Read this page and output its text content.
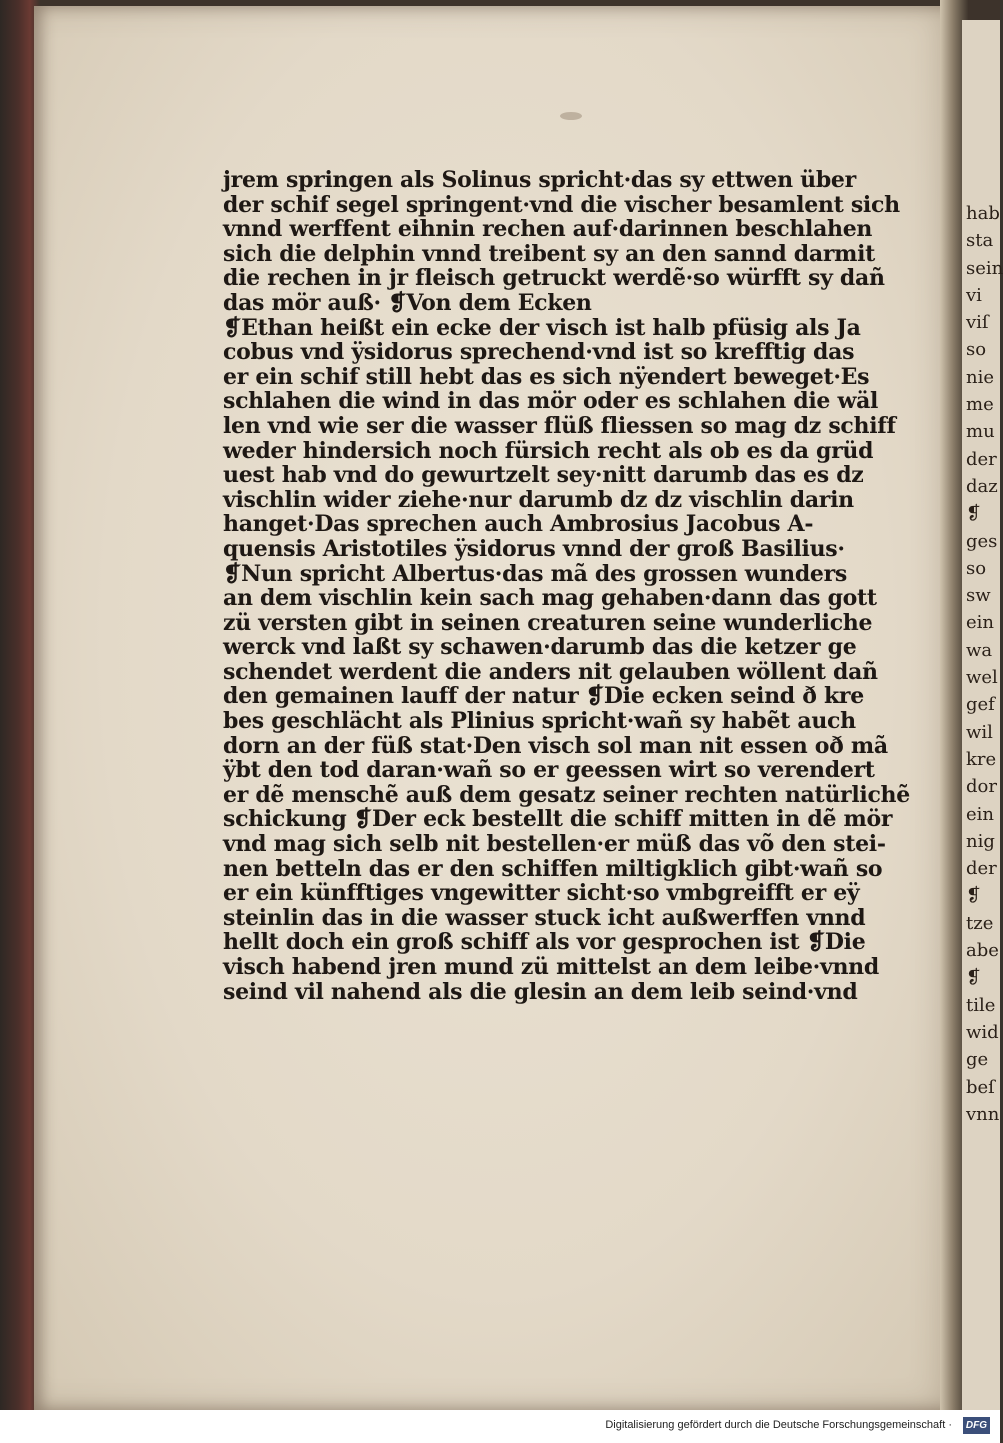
hab
sta
sein
vi
viſ
so
nie
me
mu
der
daz
❡
ges
so
sw
ein
wa
wel
gef
wil
kre
dor
ein
nig
der
❡
tze
abe
❡
tile
wid
ge
beſ
vnn
jrem springen als Solinus spricht·das sy ettwen über
der schif segel springent·vnd die vischer besamlent sich
vnnd werffent eihnin rechen auf·darinnen beschlahen
sich die delphin vnnd treibent sy an den sannd darmit
die rechen in jr fleisch getruckt werdẽ·so würfft sy dañ
das mör auß· ❡Von dem Ecken
❡Ethan heißt ein ecke der visch ist halb pfüsig als Ja
cobus vnd ÿsidorus sprechend·vnd ist so krefftig das
er ein schif still hebt das es sich nÿendert beweget·Es
schlahen die wind in das mör oder es schlahen die wäl
len vnd wie ser die wasser flüß fliessen so mag dz schiff
weder hindersich noch fürsich recht als ob es da grüd
uest hab vnd do gewurtzelt sey·nitt darumb das es dz
vischlin wider ziehe·nur darumb dz dz vischlin darin
hanget·Das sprechen auch Ambrosius Jacobus A-
quensis Aristotiles ÿsidorus vnnd der groß Basilius·
❡Nun spricht Albertus·das mã des grossen wunders
an dem vischlin kein sach mag gehaben·dann das gott
zü versten gibt in seinen creaturen seine wunderliche
werck vnd laßt sy schawen·darumb das die ketzer ge
schendet werdent die anders nit gelauben wöllent dañ
den gemainen lauff der natur ❡Die ecken seind ð kre
bes geschlächt als Plinius spricht·wañ sy habẽt auch
dorn an der füß stat·Den visch sol man nit essen oð mã
ÿbt den tod daran·wañ so er geessen wirt so verendert
er dẽ menschẽ auß dem gesatz seiner rechten natürlichẽ
schickung ❡Der eck bestellt die schiff mitten in dẽ mör
vnd mag sich selb nit bestellen·er müß das võ den stei-
nen betteln das er den schiffen miltigklich gibt·wañ so
er ein künfftiges vngewitter sicht·so vmbgreifft er eÿ
steinlin das in die wasser stuck icht außwerffen vnnd
hellt doch ein groß schiff als vor gesprochen ist ❡Die
visch habend jren mund zü mittelst an dem leibe·vnnd
seind vil nahend als die glesin an dem leib seind·vnd
Digitalisierung gefördert durch die Deutsche Forschungsgemeinschaft ·	DFG
